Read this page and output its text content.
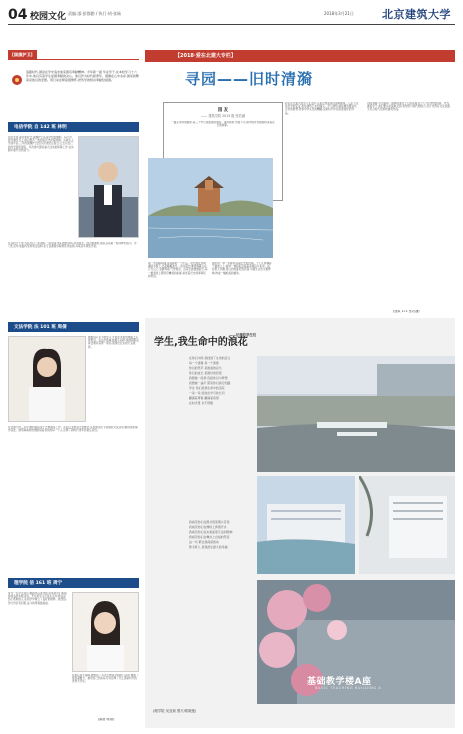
04 校园文化 责编:邵·彭都勤 / 执行·胡·张旸	2018年3月21日	北京建筑大学
[国旗护卫]
追随时代,国是在学中追求加家国有奉献精神。今年新一届 毕业学子,在本校学习十六年中,他们有着学生爱国奉献的决心。他们作为时代新青年。国旗在心中永存,国家的繁荣是他们的宏愿。用行动诠释爱国情怀,把所学的知识奉献给祖国。
电信学院 自 142 班 林明
在时光里,面对新时代,国旗护卫队是学校的旗帜。每天早晨升旗仪式上,他们整齐一致的步伐守护着国旗。从新生入学到毕业,三年的国旗护卫经历,使他坚定信念,立志以自己的所学回报国家。多次参与国家重大活动的保障工作,在实践中提升自我能力。
在这段日子里,与队友们一起训练,一起进步,他们彼此扶持,共同成长。面对困难时,团队总是第一时间伸出援手。学习生活中,他始终坚持刻苦钻研,在专业课程中取得优异成绩,并荣获多项奖学金。
文法学院 法 101 班 周倩
她相信只有不断学习,才能在未来的道路上走得更远。在法学领域,她潜心钻研,参加模拟法庭比赛并获得一等奖,展现出扎实的专业素养。
在北建大的三年中,她积极投身于志愿服务工作。从社区支教到大型赛会,从校园文化节到国际交流活动,她的身影遍布各处。她用真诚和热情感染着身边的每一个人,诠释了新时代青年的责任担当。
理学院 信 161 班 周宁
身为一名学生党员,她始终以身作则,带领同学们积极参加各类实践活动。无论是学习还是生活中,她总是热心帮助他人,在同学中树立了良好的榜样。她坚信,努力终会有回报,奋斗的青春最美丽。
在担任班长期间,她组织了多次主题班会和团日活动,增强了班级凝聚力。她用自己的实际行动诠释了什么是新时代的优秀大学生。
(编者:郭琼)
【2018·爱在北建大专栏】
寻园——旧时清漪
园 友
—— 建筑学院 2015 级 张若涵
一路走来你的脚步,是三千岁月里最美的遇见。清风徐来,水波不兴,园中的亭台楼阁诉说着往日的故事。
第一次到颐和园,是初春的一个午后。阳光洒在昆明湖的水面上,泛起粼粼波光。远远望去,佛香阁矗立在万寿山上,金碧辉煌,气势恢宏。沿着长廊缓缓前行,每一根梁柱上都绘有精美的彩画,讲述着历史故事和民间传说。
园中的一草一木都诉说着历史的沧桑。十七孔桥横卧于碧波之上,如同一道彩虹连接着南湖岛与东岸。站在桥上远眺,西山的轮廓若隐若现,与湖光山色交相辉映,构成一幅绝美的画卷。
我们在北建大的学习生活中,总是会想起那些园林建筑。它们不仅是历史的见证,更是建筑艺术的瑰宝。学习建筑,就是要读懂这些古老的智慧,传承中华文化的精髓,在新时代中创造更美好的作品。
旧时清漪,今日颐和。园林的美在于它的意境,在于它与自然的和谐。作为建筑学子,我们要从中汲取灵感,将传统与现代相结合,设计出既有文化底蕴又符合时代需求的建筑作品。
(建筑 171 张若涵)
学生,我生命中的浪花
——记我的学生们
在你们中间 我找到了生命的意义
每一个清晨 每一个黄昏
你们的笑声 是最美的音乐
你们的成长 是最好的回报
我愿做一座桥 连接你们与梦想
我愿做一盏灯 照亮你们前行的路
学生 你们是我生命中的浪花
一朵一朵 绽放在岁月的长河
翻涌着青春 翻涌着希望
在时光里 永不停歇
我看见你们在图书馆里埋头苦读
我看见你们在操场上挥洒汗水
我看见你们在实验室里专注的眼神
我看见你们在舞台上自信的笑容
这一切 都让我深深感动
教书育人 是我此生最大的幸福
基础教学楼A座
BASIC TEACHING BUILDING A
(理学院 吴亚琼 图片/郭晓莲)
